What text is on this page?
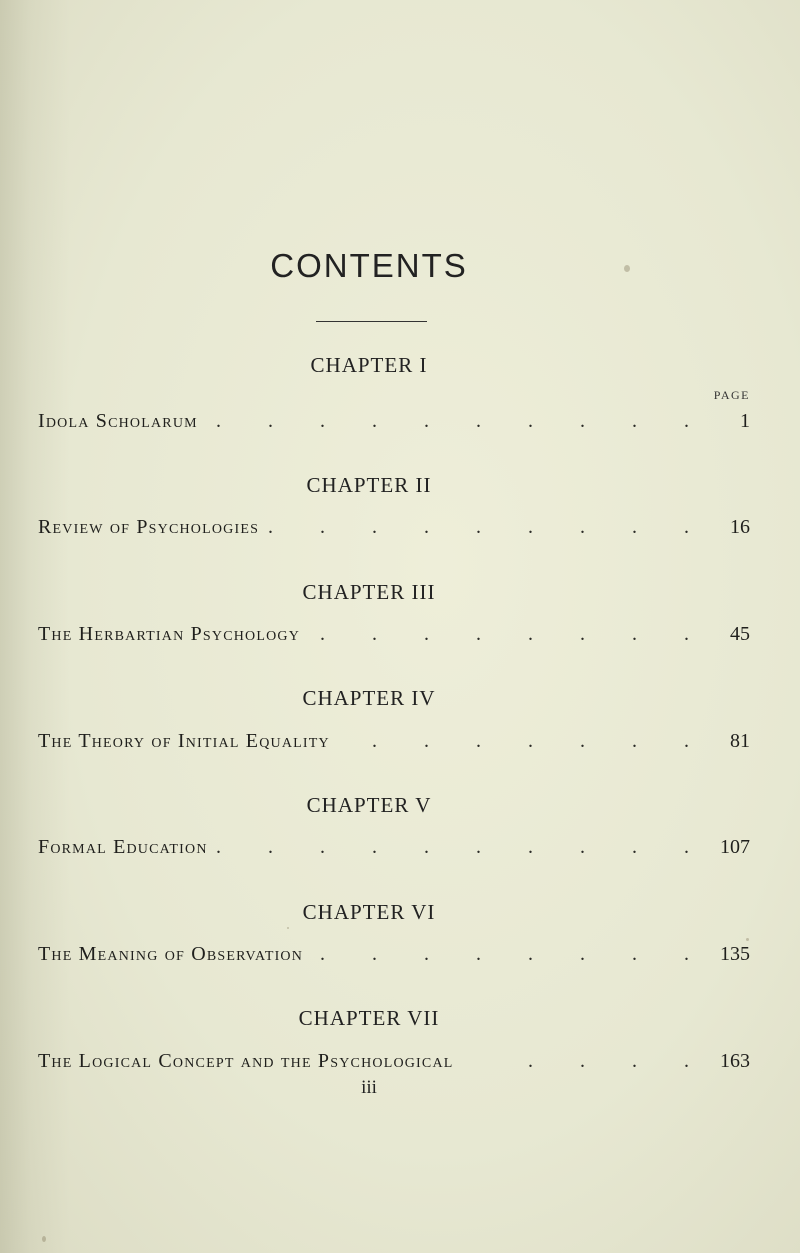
CONTENTS
CHAPTER I
PAGE
Idola Scholarum . . . . . . . . . . 1
CHAPTER II
Review of Psychologies . . . . . . . . . 16
CHAPTER III
The Herbartian Psychology . . . . . . . . 45
CHAPTER IV
The Theory of Initial Equality . . . . . . . 81
CHAPTER V
Formal Education . . . . . . . . . . 107
CHAPTER VI
The Meaning of Observation . . . . . . . . 135
CHAPTER VII
The Logical Concept and the Psychological	. . . . 163
iii
